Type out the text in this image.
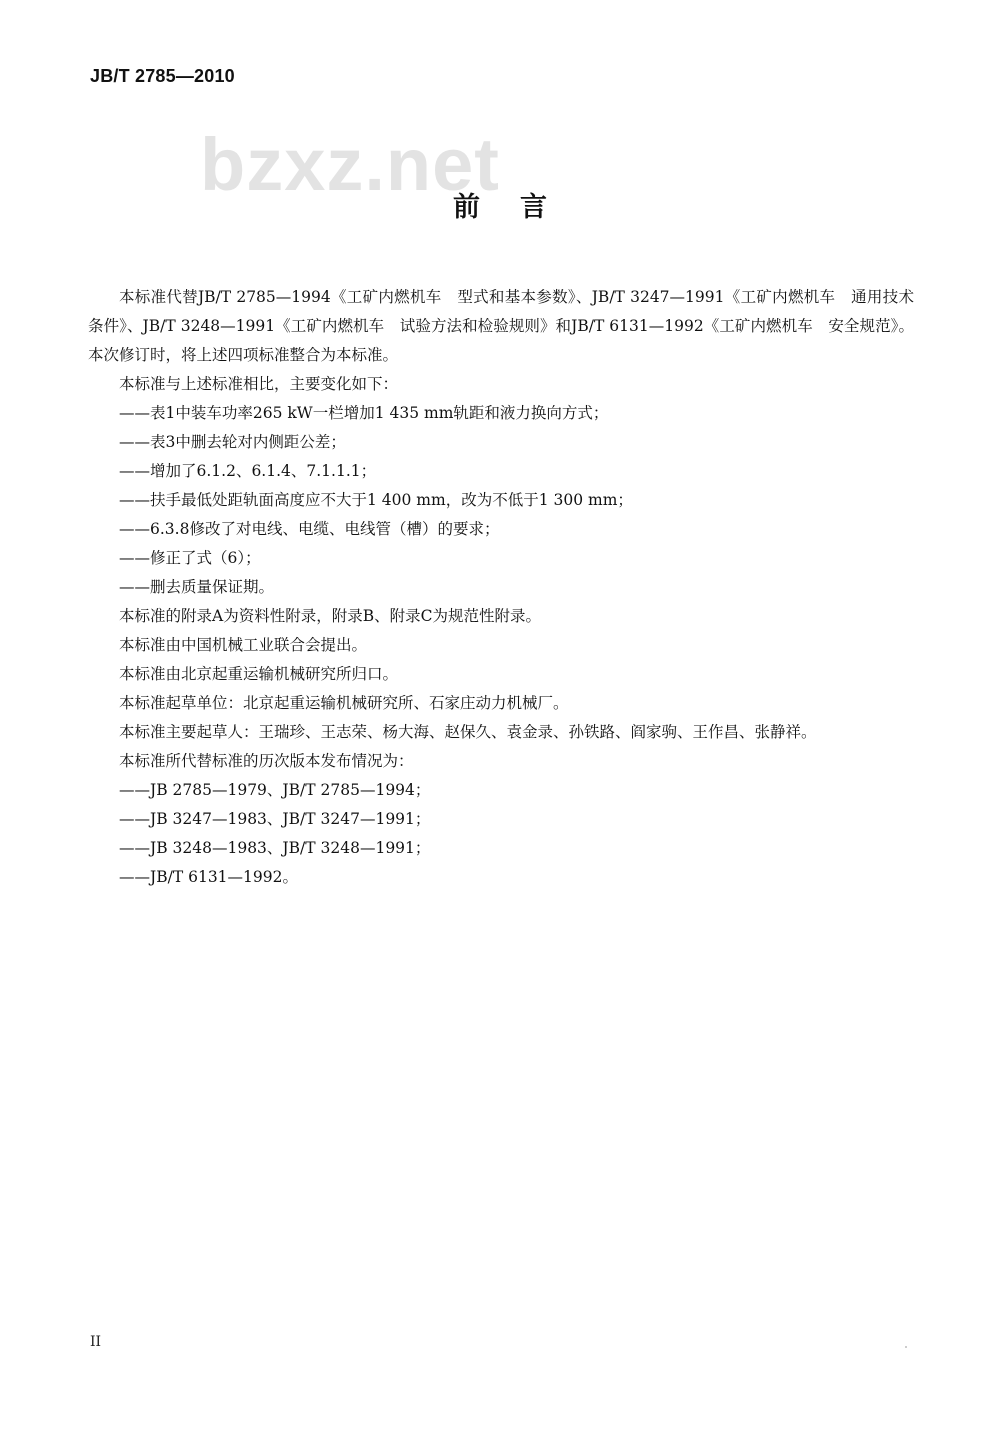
JB/T 2785—2010
bzxz.net
前言

本标准代替JB/T 2785—1994《工矿内燃机车　型式和基本参数》、JB/T 3247—1991《工矿内燃机车　通用技术条件》、JB/T 3248—1991《工矿内燃机车　试验方法和检验规则》和JB/T 6131—1992《工矿内燃机车　安全规范》。本次修订时，将上述四项标准整合为本标准。

本标准与上述标准相比，主要变化如下：

——表1中装车功率265 kW一栏增加1 435 mm轨距和液力换向方式；

——表3中删去轮对内侧距公差；

——增加了6.1.2、6.1.4、7.1.1.1；

——扶手最低处距轨面高度应不大于1 400 mm，改为不低于1 300 mm；

——6.3.8修改了对电线、电缆、电线管（槽）的要求；

——修正了式（6）；

——删去质量保证期。

本标准的附录A为资料性附录，附录B、附录C为规范性附录。

本标准由中国机械工业联合会提出。

本标准由北京起重运输机械研究所归口。

本标准起草单位：北京起重运输机械研究所、石家庄动力机械厂。

本标准主要起草人：王瑞珍、王志荣、杨大海、赵保久、袁金录、孙铁路、阎家驹、王作昌、张静祥。

本标准所代替标准的历次版本发布情况为：

——JB 2785—1979、JB/T 2785—1994；

——JB 3247—1983、JB/T 3247—1991；

——JB 3248—1983、JB/T 3248—1991；

——JB/T 6131—1992。

II
